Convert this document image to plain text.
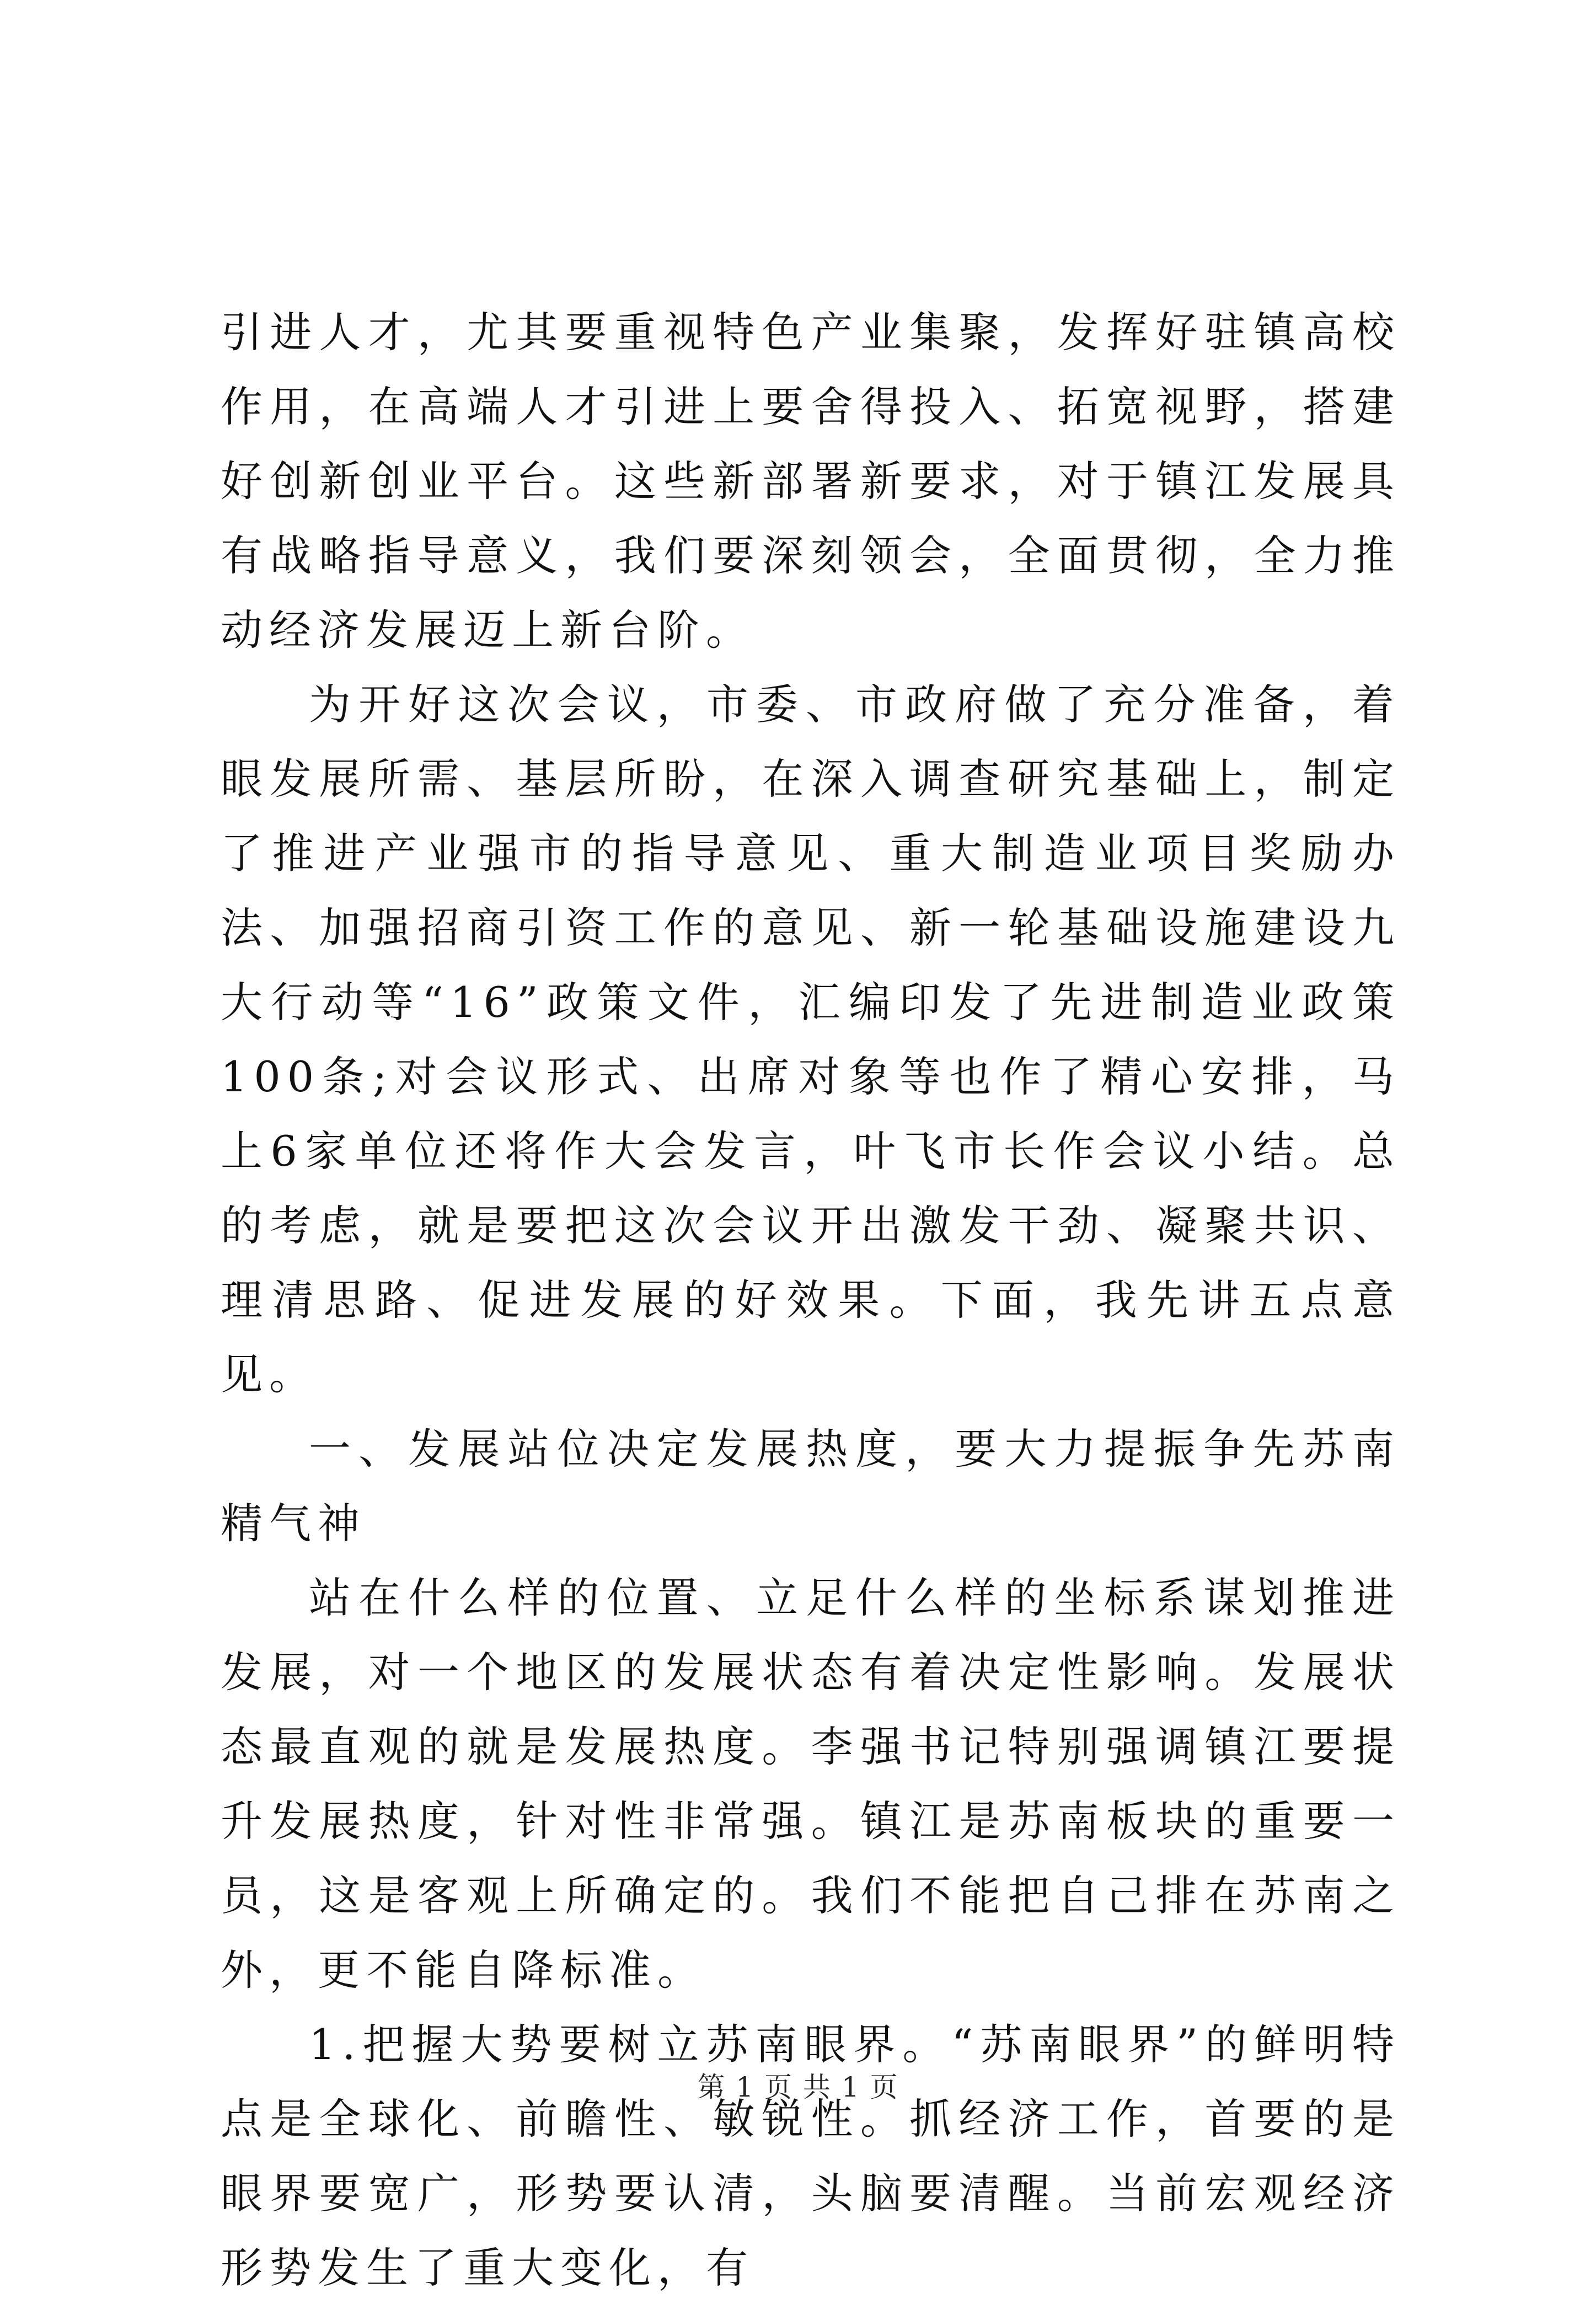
引进人才，尤其要重视特色产业集聚，发挥好驻镇高校作用，在高端人才引进上要舍得投入、拓宽视野，搭建好创新创业平台。这些新部署新要求，对于镇江发展具有战略指导意义，我们要深刻领会，全面贯彻，全力推动经济发展迈上新台阶。

为开好这次会议，市委、市政府做了充分准备，着眼发展所需、基层所盼，在深入调查研究基础上，制定了推进产业强市的指导意见、重大制造业项目奖励办法、加强招商引资工作的意见、新一轮基础设施建设九大行动等“16”政策文件，汇编印发了先进制造业政策100条;对会议形式、出席对象等也作了精心安排，马上6家单位还将作大会发言，叶飞市长作会议小结。总的考虑，就是要把这次会议开出激发干劲、凝聚共识、理清思路、促进发展的好效果。下面，我先讲五点意见。

一、发展站位决定发展热度，要大力提振争先苏南精气神

站在什么样的位置、立足什么样的坐标系谋划推进发展，对一个地区的发展状态有着决定性影响。发展状态最直观的就是发展热度。李强书记特别强调镇江要提升发展热度，针对性非常强。镇江是苏南板块的重要一员，这是客观上所确定的。我们不能把自己排在苏南之外，更不能自降标准。

1.把握大势要树立苏南眼界。“苏南眼界”的鲜明特点是全球化、前瞻性、敏锐性。抓经济工作，首要的是眼界要宽广，形势要认清，头脑要清醒。当前宏观经济形势发生了重大变化，有

第 1 页 共 1 页
